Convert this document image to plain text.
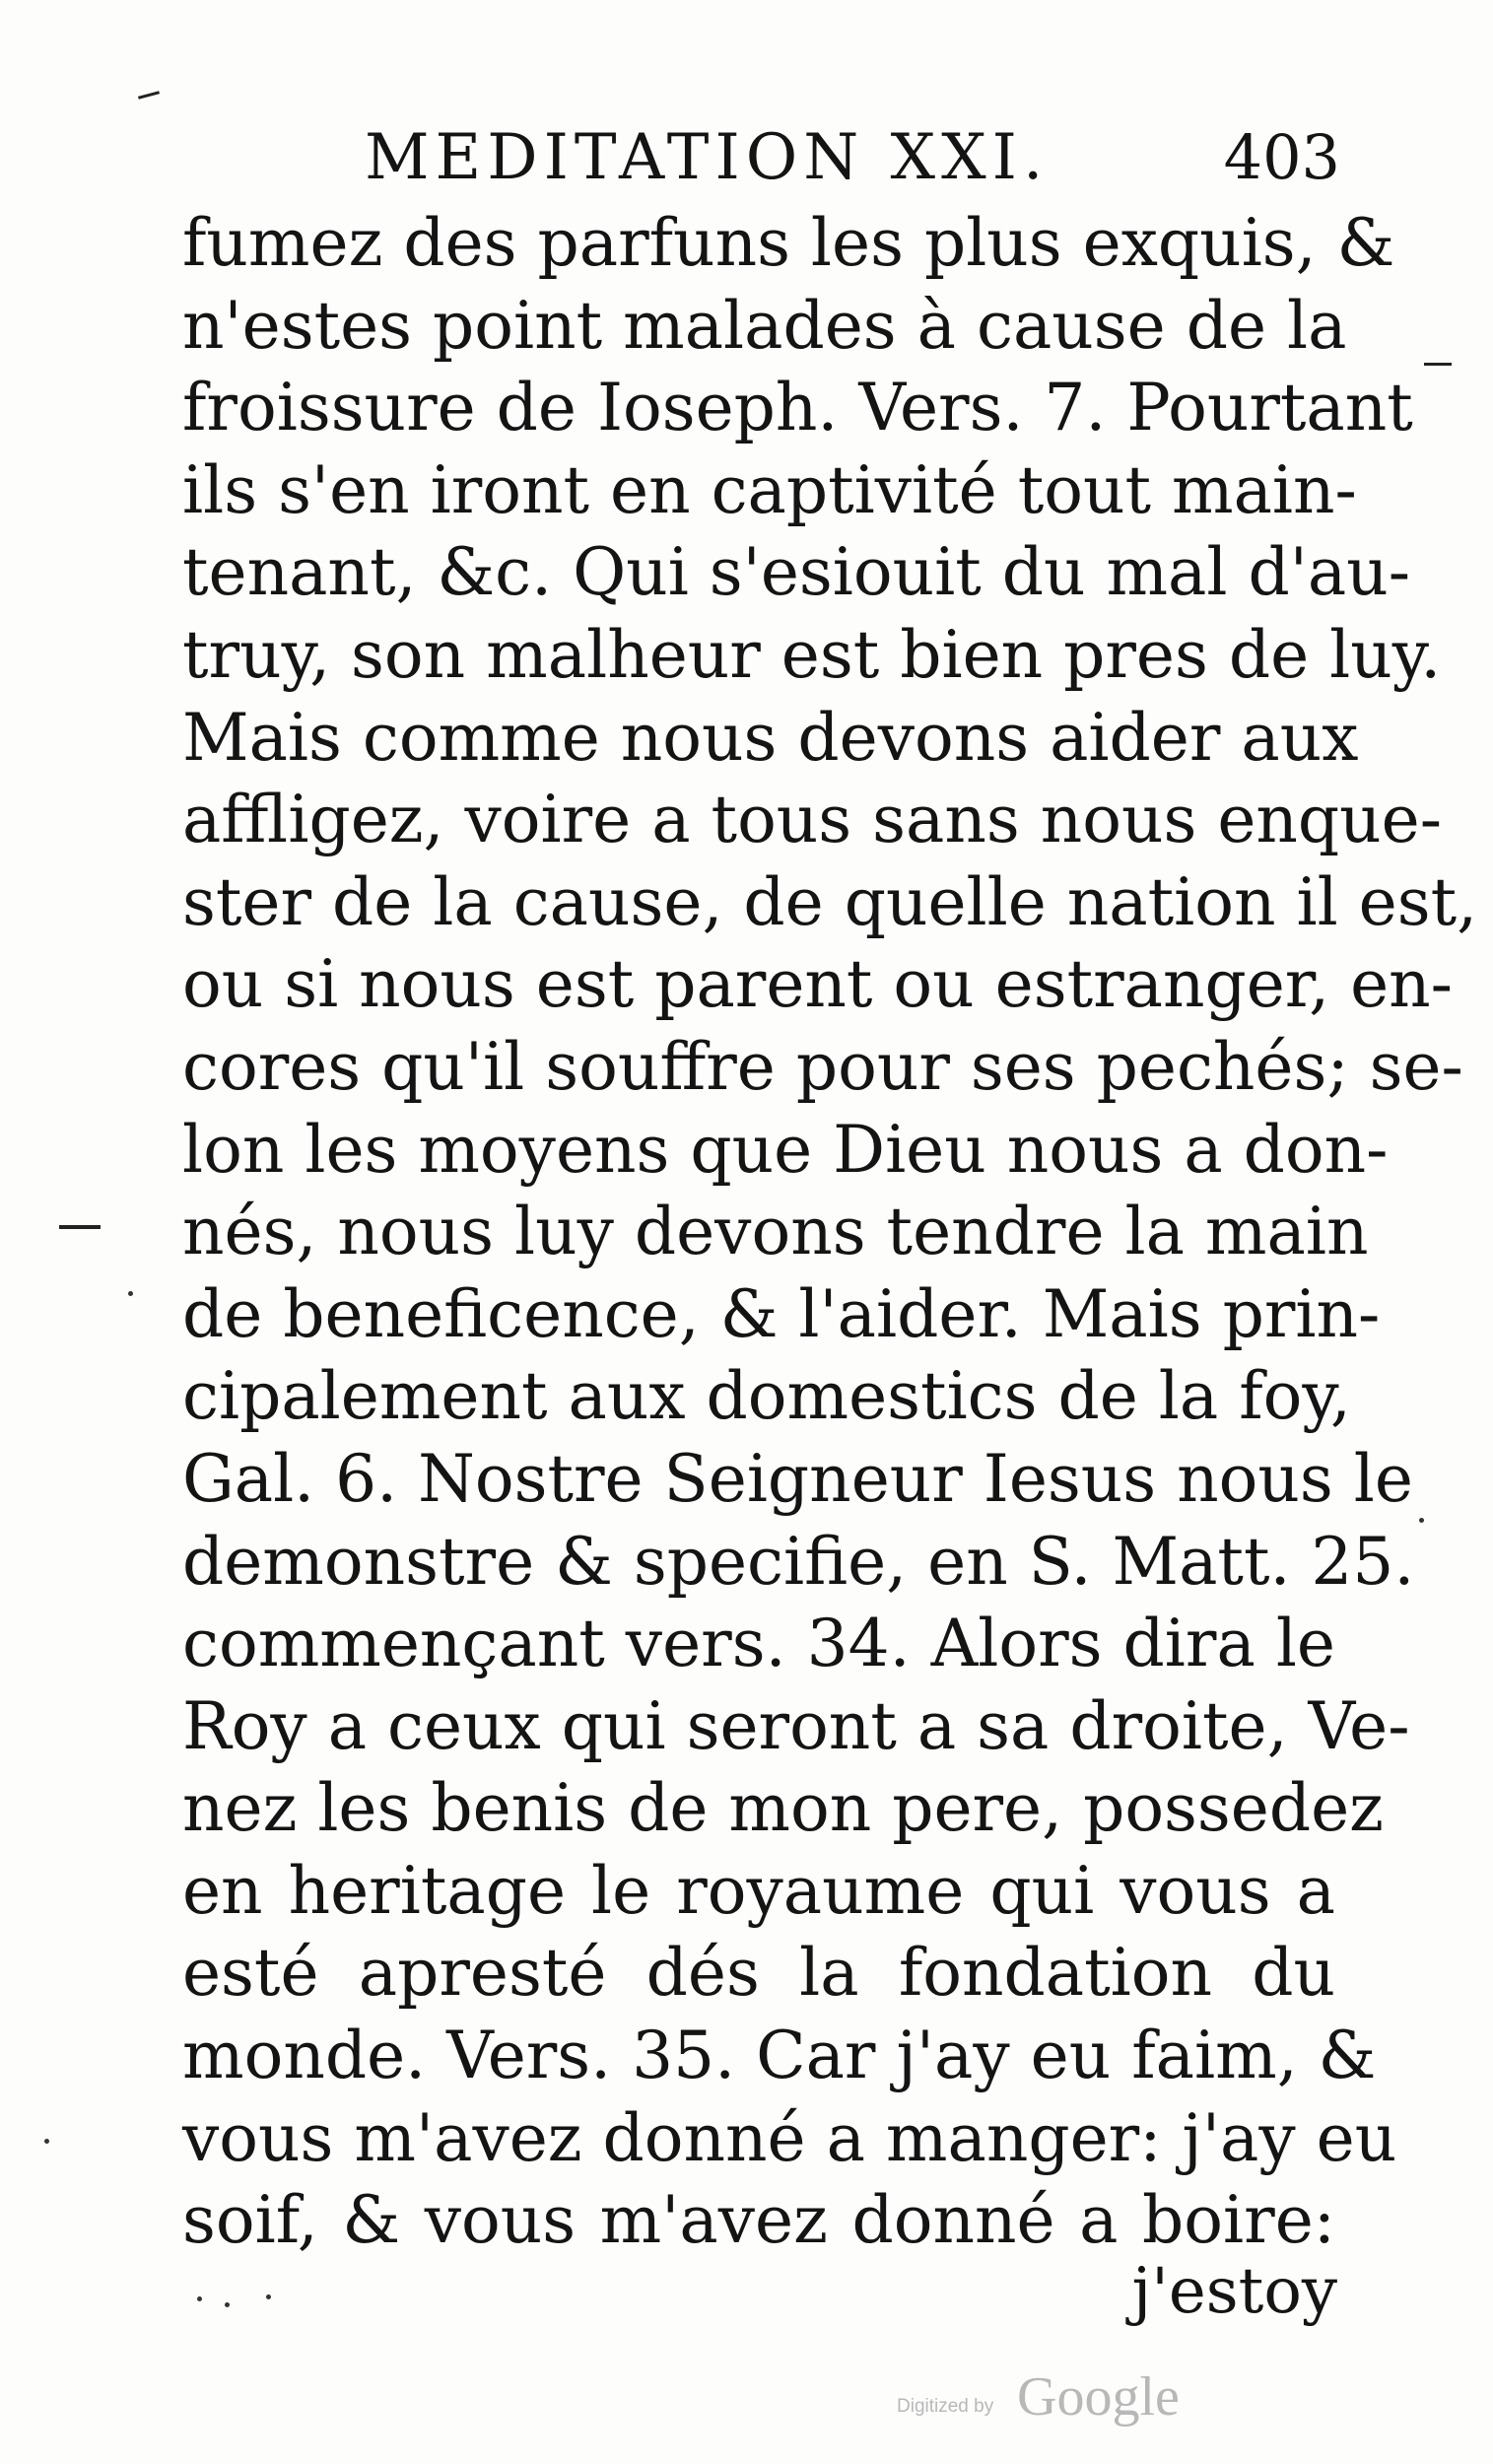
MEDITATION XXI.	403
fumez des parfuns les plus exquis, &
n'estes point malades à cause de la
froissure de Ioseph. Vers. 7. Pourtant
ils s'en iront en captivité tout main-
tenant, &c. Qui s'esiouit du mal d'au-
truy, son malheur est bien pres de luy.
Mais comme nous devons aider aux
affligez, voire a tous sans nous enque-
ster de la cause, de quelle nation il est,
ou si nous est parent ou estranger, en-
cores qu'il souffre pour ses pechés; se-
lon les moyens que Dieu nous a don-
nés, nous luy devons tendre la main
de beneficence, & l'aider. Mais prin-
cipalement aux domestics de la foy,
Gal. 6. Nostre Seigneur Iesus nous le
demonstre & specifie, en S. Matt. 25.
commençant vers. 34. Alors dira le
Roy a ceux qui seront a sa droite, Ve-
nez les benis de mon pere, possedez
en heritage le royaume qui vous a
esté apresté dés la fondation du
monde. Vers. 35. Car j'ay eu faim, &
vous m'avez donné a manger: j'ay eu
soif, & vous m'avez donné a boire:
j'estoy
Digitized by Google
